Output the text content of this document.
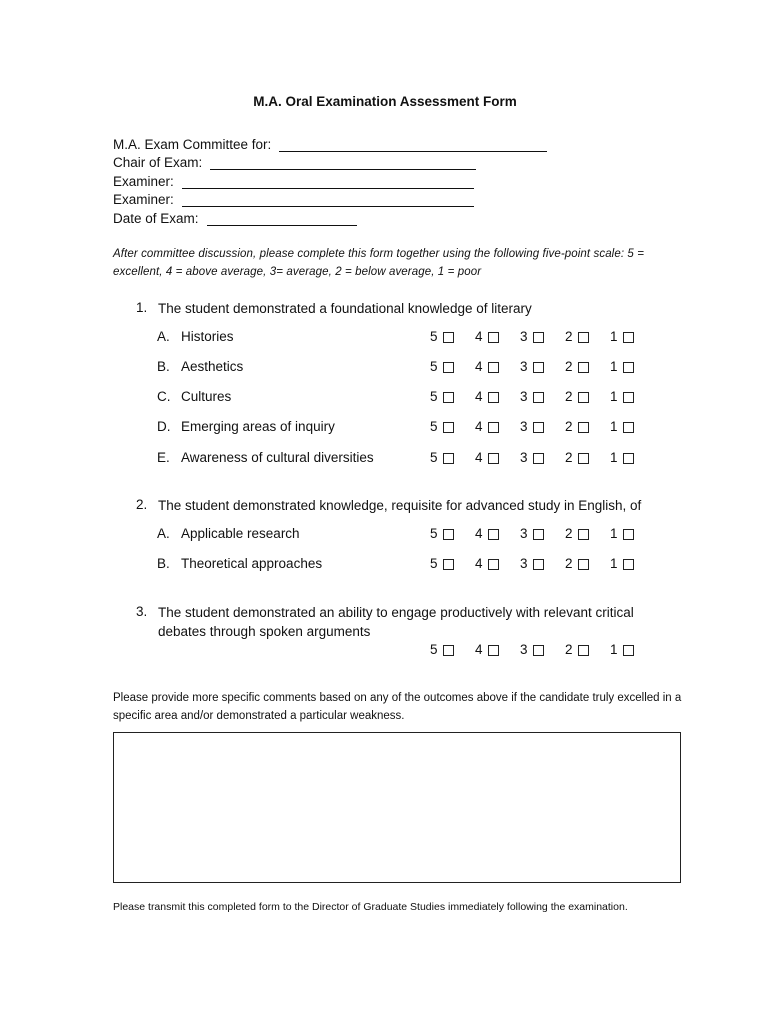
M.A. Oral Examination Assessment Form
M.A. Exam Committee for:
Chair of Exam:
Examiner:
Examiner:
Date of Exam:
After committee discussion, please complete this form together using the following five-point scale: 5 = excellent, 4 = above average, 3= average, 2 = below average, 1 = poor
1. The student demonstrated a foundational knowledge of literary
A. Histories	5	4	3	2	1
B. Aesthetics	5	4	3	2	1
C. Cultures	5	4	3	2	1
D. Emerging areas of inquiry	5	4	3	2	1
E. Awareness of cultural diversities	5	4	3	2	1
2. The student demonstrated knowledge, requisite for advanced study in English, of
A. Applicable research	5	4	3	2	1
B. Theoretical approaches	5	4	3	2	1
3. The student demonstrated an ability to engage productively with relevant critical debates through spoken arguments
5	4	3	2	1
Please provide more specific comments based on any of the outcomes above if the candidate truly excelled in a specific area and/or demonstrated a particular weakness.
Please transmit this completed form to the Director of Graduate Studies immediately following the examination.
